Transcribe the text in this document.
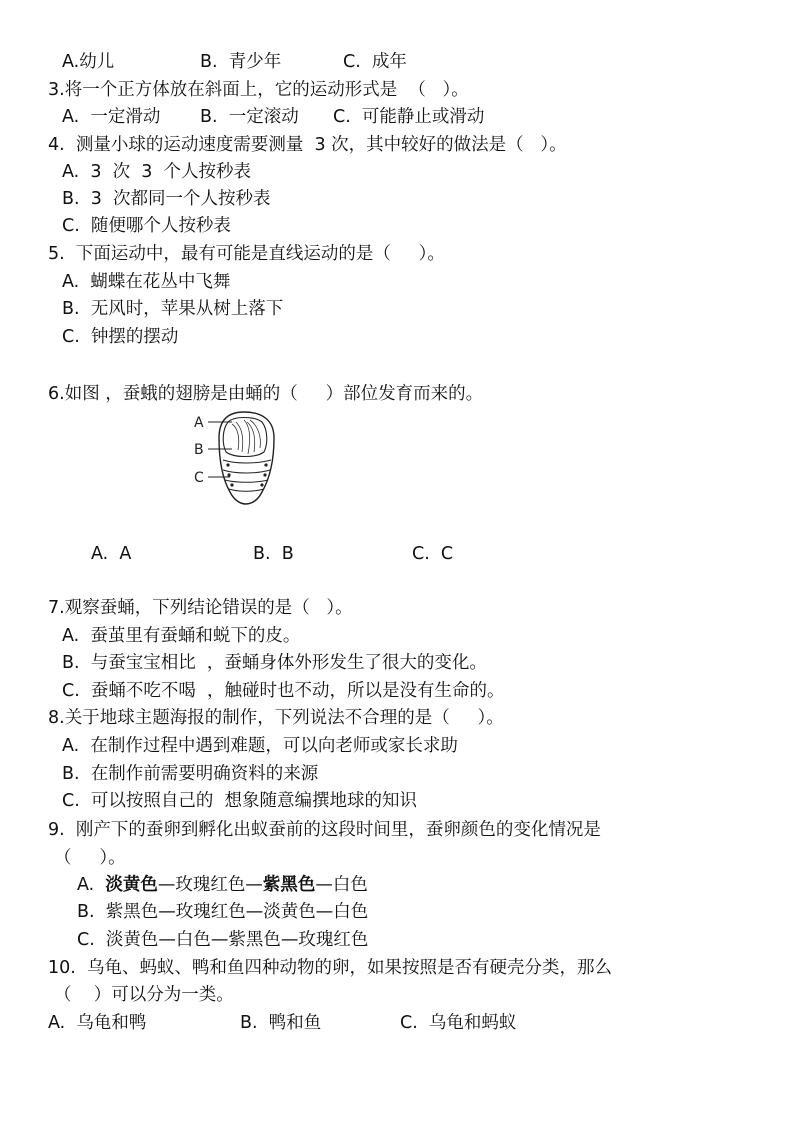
A.幼儿	B.  青少年	C.  成年
3.将一个正方体放在斜面上，它的运动形式是  （   ）。
A.  一定滑动 B.  一定滚动 C.  可能静止或滑动
4.  测量小球的运动速度需要测量  3 次，其中较好的做法是（   ）。
A.  3  次  3  个人按秒表
B.  3  次都同一个人按秒表
C.  随便哪个人按秒表
5.  下面运动中，最有可能是直线运动的是（     ）。
A.  蝴蝶在花丛中飞舞
B.  无风时，苹果从树上落下
C.  钟摆的摆动
6.如图 ，蚕蛾的翅膀是由蛹的（     ）部位发育而来的。
A
B
C
A.  A	B.  B	C.  C
7.观察蚕蛹，下列结论错误的是（   ）。
A.  蚕茧里有蚕蛹和蜕下的皮。
B.  与蚕宝宝相比  ，蚕蛹身体外形发生了很大的变化。
C.  蚕蛹不吃不喝  ，触碰时也不动，所以是没有生命的。
8.关于地球主题海报的制作，下列说法不合理的是（     ）。
A.  在制作过程中遇到难题，可以向老师或家长求助
B.  在制作前需要明确资料的来源
C.  可以按照自己的  想象随意编撰地球的知识
9.  刚产下的蚕卵到孵化出蚁蚕前的这段时间里，蚕卵颜色的变化情况是
（     ）。
A.  淡黄色—玫瑰红色—紫黑色—白色
B.  紫黑色—玫瑰红色—淡黄色—白色
C.  淡黄色—白色—紫黑色—玫瑰红色
10.  乌龟、蚂蚁、鸭和鱼四种动物的卵，如果按照是否有硬壳分类，那么
（    ）可以分为一类。
A.  乌龟和鸭	B.  鸭和鱼	C.  乌龟和蚂蚁
